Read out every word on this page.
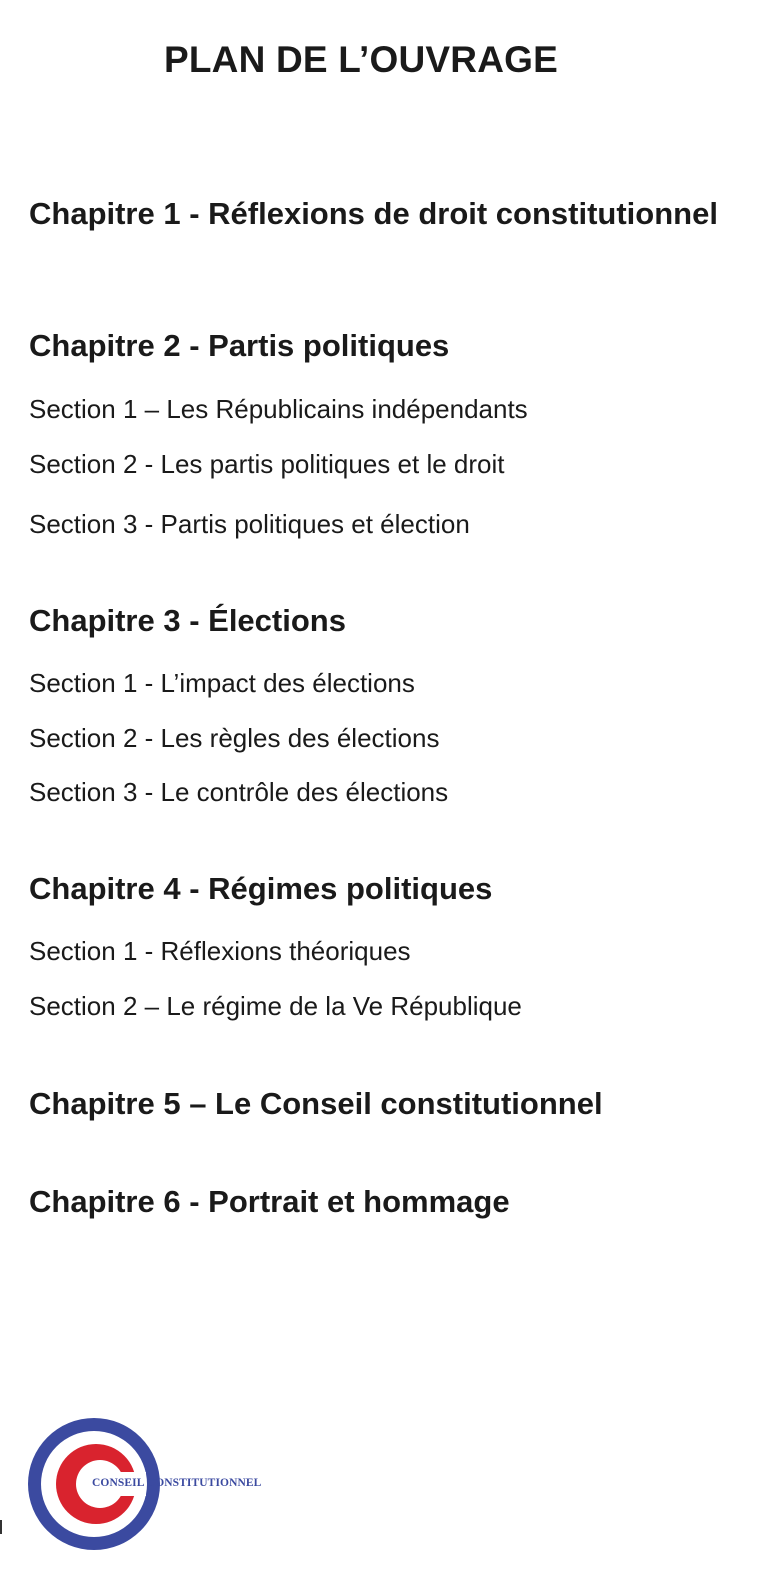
PLAN DE L’OUVRAGE
Chapitre 1 - Réflexions de droit constitutionnel
Chapitre 2 - Partis politiques

Section 1 – Les Républicains indépendants

Section 2 - Les partis politiques et le droit

Section 3 - Partis politiques et élection

Chapitre 3 - Élections

Section 1 - L’impact des élections

Section 2 - Les règles des élections

Section 3 - Le contrôle des élections

Chapitre 4 - Régimes politiques

Section 1 - Réflexions théoriques

Section 2 – Le régime de la Ve République

Chapitre 5 – Le Conseil constitutionnel
Chapitre 6 - Portrait et hommage
CONSEIL CONSTITUTIONNEL
